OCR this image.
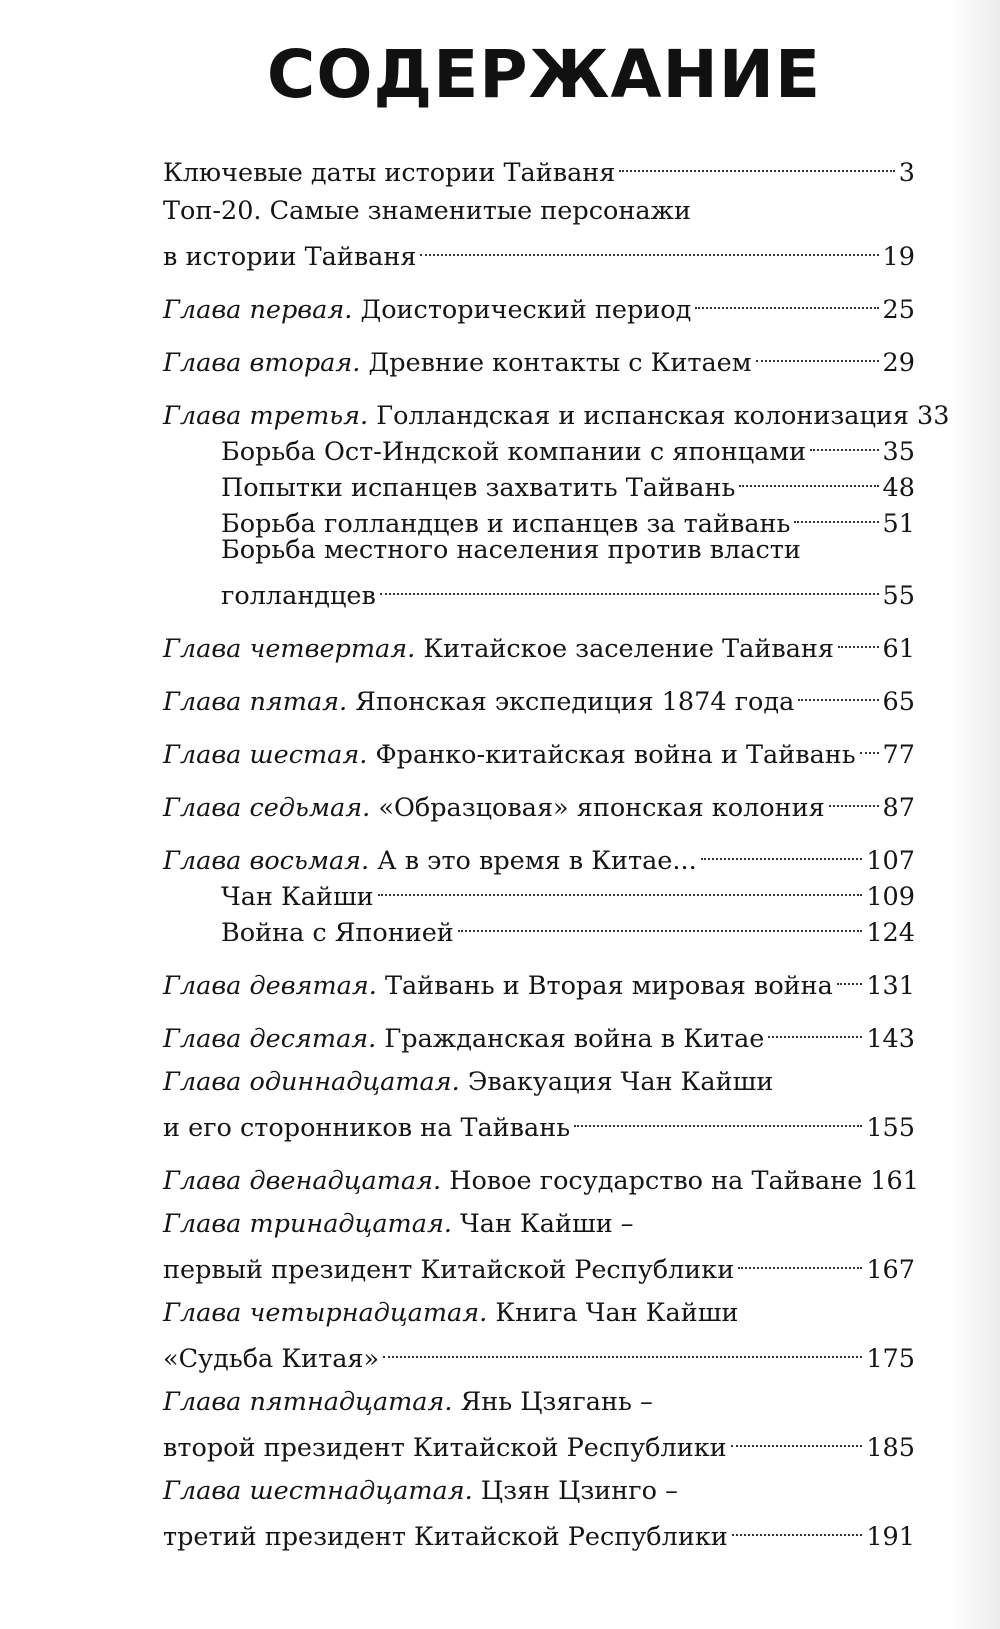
СОДЕРЖАНИЕ
Ключевые даты истории Тайваня	3
Топ-20. Самые знаменитые персонажи
в истории Тайваня	19
Глава первая. Доисторический период	25
Глава вторая. Древние контакты с Китаем	29
Глава третья. Голландская и испанская колонизация 33
Борьба Ост-Индской компании с японцами	35
Попытки испанцев захватить Тайвань	48
Борьба голландцев и испанцев за тайвань	51
Борьба местного населения против власти
голландцев	55
Глава четвертая. Китайское заселение Тайваня 61
Глава пятая. Японская экспедиция 1874 года	65
Глава шестая. Франко-китайская война и Тайвань 77
Глава седьмая. «Образцовая» японская колония 87
Глава восьмая. А в это время в Китае...	107
Чан Кайши	109
Война с Японией	124
Глава девятая. Тайвань и Вторая мировая война 131
Глава десятая. Гражданская война в Китае	143
Глава одиннадцатая. Эвакуация Чан Кайши
и его сторонников на Тайвань	155
Глава двенадцатая. Новое государство на Тайване 161
Глава тринадцатая. Чан Кайши –
первый президент Китайской Республики	167
Глава четырнадцатая. Книга Чан Кайши
«Судьба Китая»	175
Глава пятнадцатая. Янь Цзягань –
второй президент Китайской Республики	185
Глава шестнадцатая. Цзян Цзинго –
третий президент Китайской Республики	191
